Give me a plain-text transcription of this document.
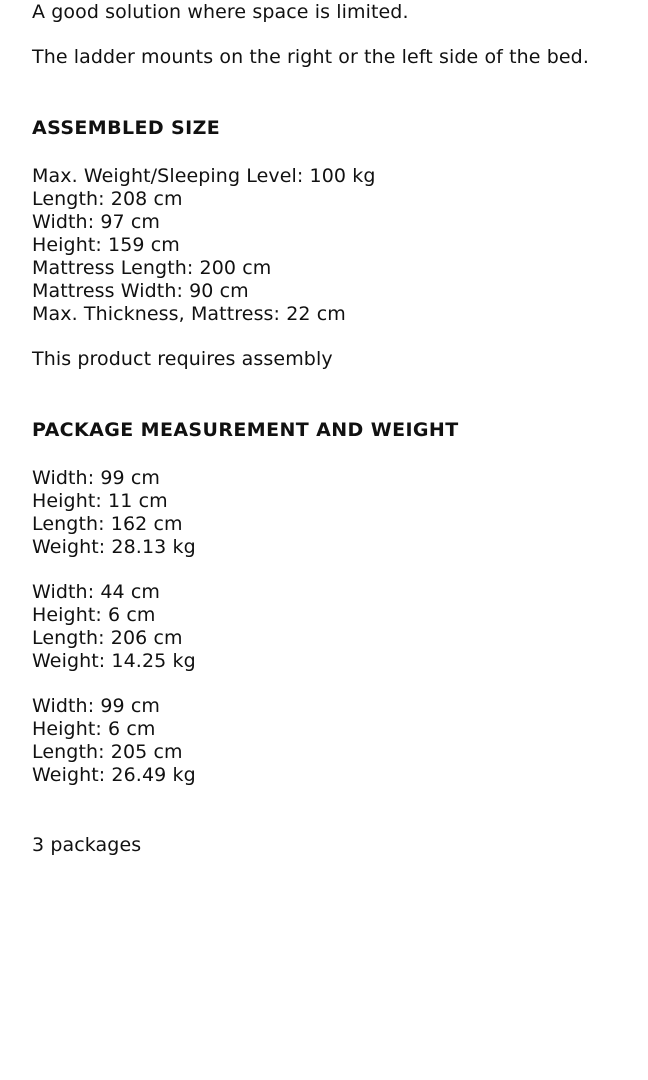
A good solution where space is limited.

The ladder mounts on the right or the left side of the bed.

ASSEMBLED SIZE
Max. Weight/Sleeping Level: 100 kg
Length: 208 cm
Width: 97 cm
Height: 159 cm
Mattress Length: 200 cm
Mattress Width: 90 cm
Max. Thickness, Mattress: 22 cm

This product requires assembly

PACKAGE MEASUREMENT AND WEIGHT
Width: 99 cm
Height: 11 cm
Length: 162 cm
Weight: 28.13 kg
Width: 44 cm
Height: 6 cm
Length: 206 cm
Weight: 14.25 kg
Width: 99 cm
Height: 6 cm
Length: 205 cm
Weight: 26.49 kg

3 packages
